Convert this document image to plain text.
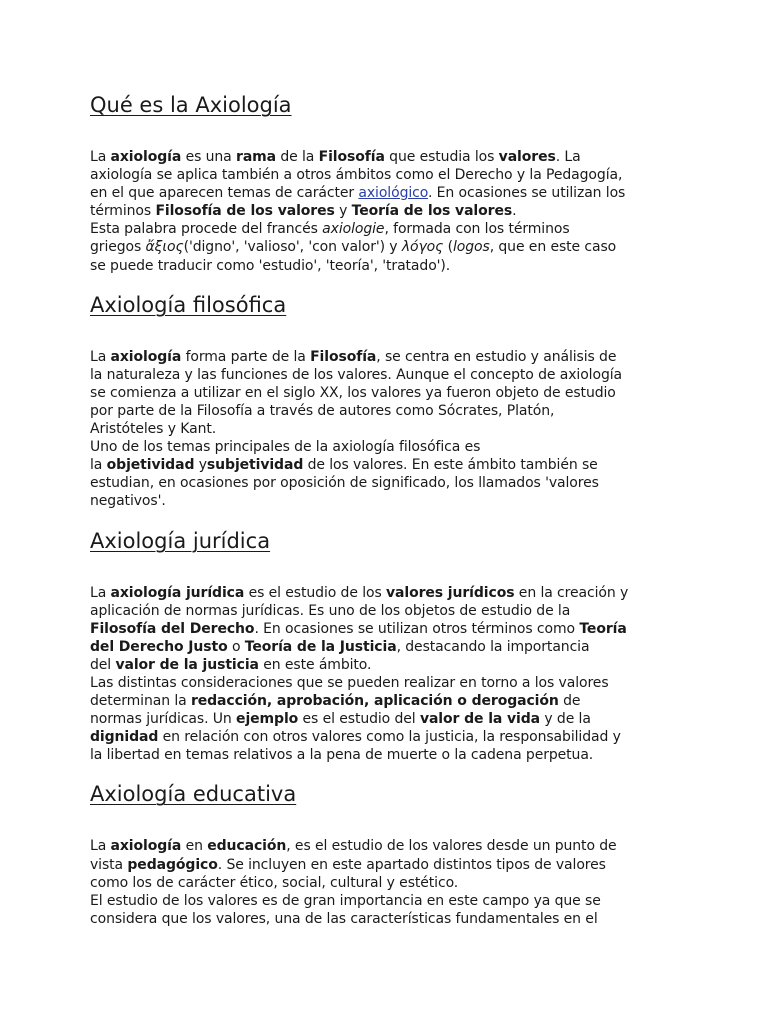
Qué es la Axiología

La axiología es una rama de la Filosofía que estudia los valores. La
axiología se aplica también a otros ámbitos como el Derecho y la Pedagogía,
en el que aparecen temas de carácter axiológico. En ocasiones se utilizan los
términos Filosofía de los valores y Teoría de los valores.
Esta palabra procede del francés axiologie, formada con los términos
griegos ἄξιος('digno', 'valioso', 'con valor') y λόγος (logos, que en este caso
se puede traducir como 'estudio', 'teoría', 'tratado').

Axiología filosófica

La axiología forma parte de la Filosofía, se centra en estudio y análisis de
la naturaleza y las funciones de los valores. Aunque el concepto de axiología
se comienza a utilizar en el siglo XX, los valores ya fueron objeto de estudio
por parte de la Filosofía a través de autores como Sócrates, Platón,
Aristóteles y Kant.
Uno de los temas principales de la axiología filosófica es
la objetividad ysubjetividad de los valores. En este ámbito también se
estudian, en ocasiones por oposición de significado, los llamados 'valores
negativos'.

Axiología jurídica

La axiología jurídica es el estudio de los valores jurídicos en la creación y
aplicación de normas jurídicas. Es uno de los objetos de estudio de la
Filosofía del Derecho. En ocasiones se utilizan otros términos como Teoría
del Derecho Justo o Teoría de la Justicia, destacando la importancia
del valor de la justicia en este ámbito.
Las distintas consideraciones que se pueden realizar en torno a los valores
determinan la redacción, aprobación, aplicación o derogación de
normas jurídicas. Un ejemplo es el estudio del valor de la vida y de la
dignidad en relación con otros valores como la justicia, la responsabilidad y
la libertad en temas relativos a la pena de muerte o la cadena perpetua.

Axiología educativa

La axiología en educación, es el estudio de los valores desde un punto de
vista pedagógico. Se incluyen en este apartado distintos tipos de valores
como los de carácter ético, social, cultural y estético.
El estudio de los valores es de gran importancia en este campo ya que se
considera que los valores, una de las características fundamentales en el
